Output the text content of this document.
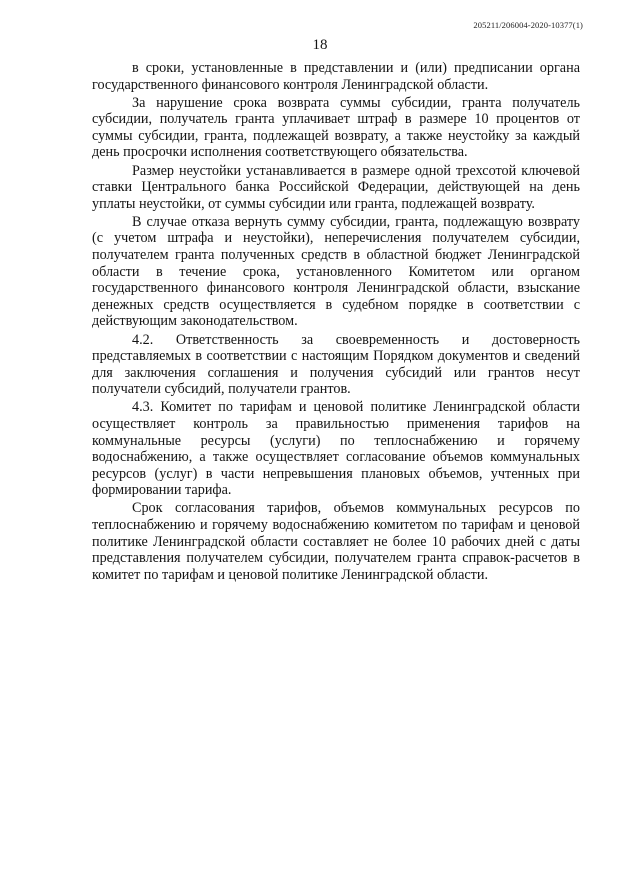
205211/206004-2020-10377(1)
18

в сроки, установленные в представлении и (или) предписании органа государственного финансового контроля Ленинградской области.

За нарушение срока возврата суммы субсидии, гранта получатель субсидии, получатель гранта уплачивает штраф в размере 10 процентов от суммы субсидии, гранта, подлежащей возврату, а также неустойку за каждый день просрочки исполнения соответствующего обязательства.

Размер неустойки устанавливается в размере одной трехсотой ключевой ставки Центрального банка Российской Федерации, действующей на день уплаты неустойки, от суммы субсидии или гранта, подлежащей возврату.

В случае отказа вернуть сумму субсидии, гранта, подлежащую возврату (с учетом штрафа и неустойки), неперечисления получателем субсидии, получателем гранта полученных средств в областной бюджет Ленинградской области в течение срока, установленного Комитетом или органом государственного финансового контроля Ленинградской области, взыскание денежных средств осуществляется в судебном порядке в соответствии с действующим законодательством.

4.2. Ответственность за своевременность и достоверность представляемых в соответствии с настоящим Порядком документов и сведений для заключения соглашения и получения субсидий или грантов несут получатели субсидий, получатели грантов.

4.3. Комитет по тарифам и ценовой политике Ленинградской области осуществляет контроль за правильностью применения тарифов на коммунальные ресурсы (услуги) по теплоснабжению и горячему водоснабжению, а также осуществляет согласование объемов коммунальных ресурсов (услуг) в части непревышения плановых объемов, учтенных при формировании тарифа.

Срок согласования тарифов, объемов коммунальных ресурсов по теплоснабжению и горячему водоснабжению комитетом по тарифам и ценовой политике Ленинградской области составляет не более 10 рабочих дней с даты представления получателем субсидии, получателем гранта справок-расчетов в комитет по тарифам и ценовой политике Ленинградской области.
